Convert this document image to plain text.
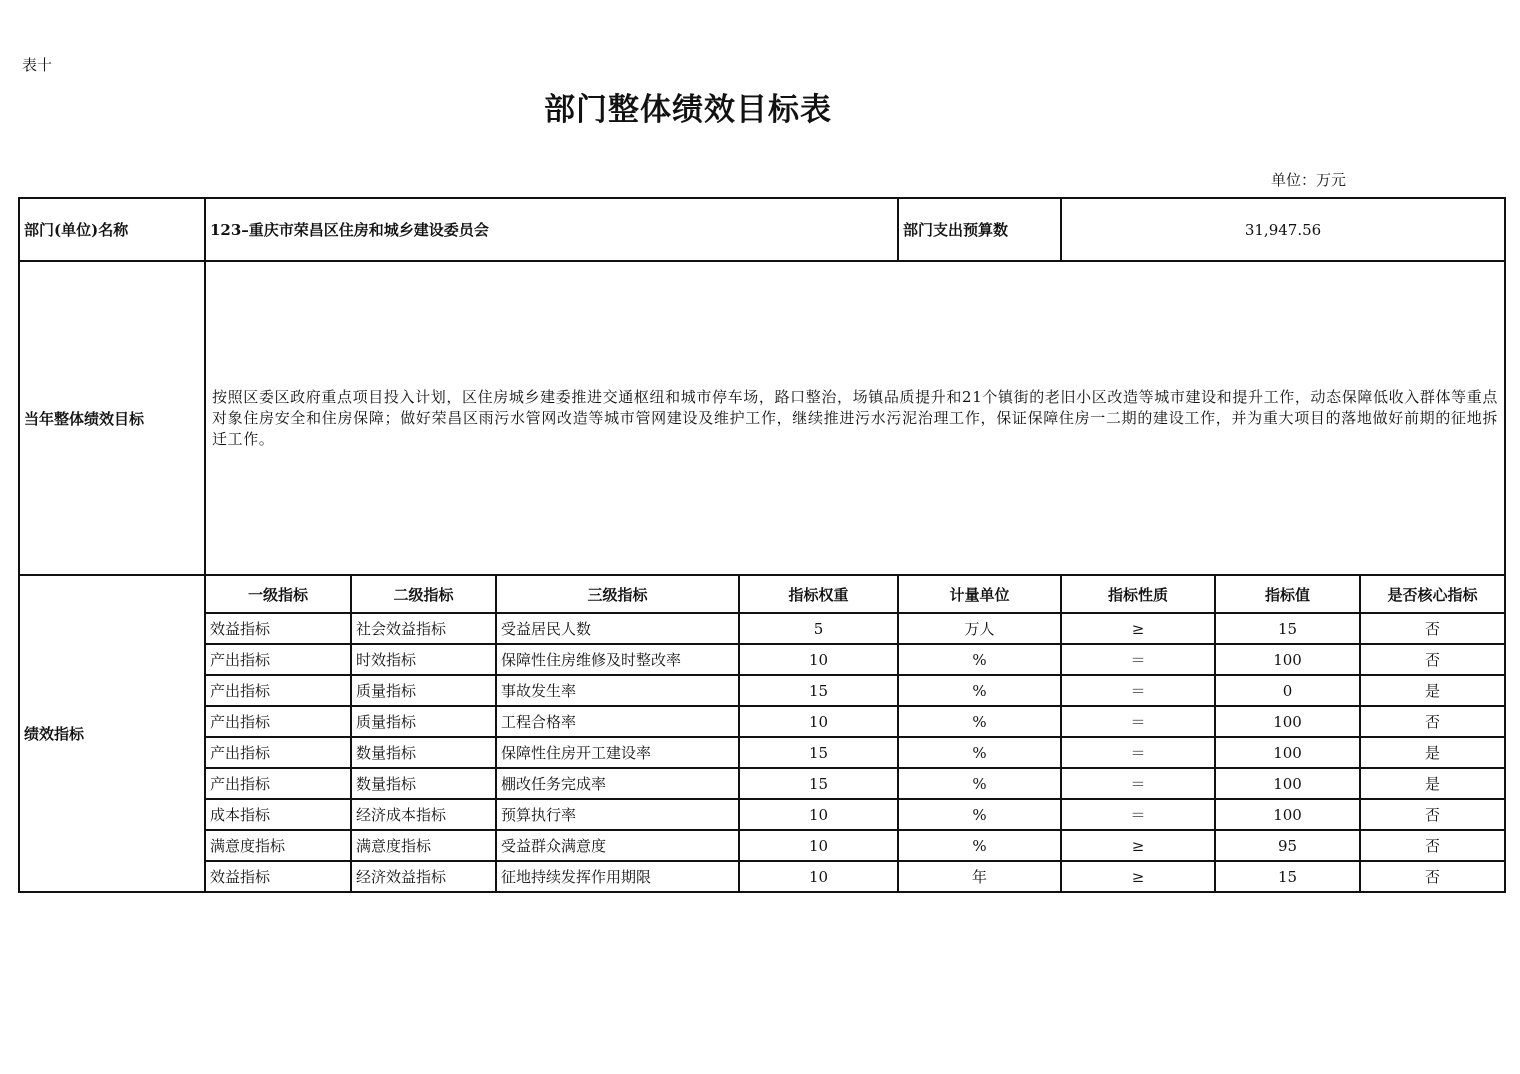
表十
部门整体绩效目标表
单位：万元
部门(单位)名称	123–重庆市荣昌区住房和城乡建设委员会				部门支出预算数	31,947.56		
当年整体绩效目标	按照区委区政府重点项目投入计划，区住房城乡建委推进交通枢纽和城市停车场，路口整治，场镇品质提升和21个镇街的老旧小区改造等城市建设和提升工作，动态保障低收入群体等重点对象住房安全和住房保障；做好荣昌区雨污水管网改造等城市管网建设及维护工作，继续推进污水污泥治理工作，保证保障住房一二期的建设工作，并为重大项目的落地做好前期的征地拆迁工作。							
绩效指标	一级指标	二级指标	三级指标	指标权重	计量单位	指标性质	指标值	是否核心指标
	效益指标	社会效益指标	受益居民人数	5	万人	≥	15	否
	产出指标	时效指标	保障性住房维修及时整改率	10	%	＝	100	否
	产出指标	质量指标	事故发生率	15	%	＝	0	是
	产出指标	质量指标	工程合格率	10	%	＝	100	否
	产出指标	数量指标	保障性住房开工建设率	15	%	＝	100	是
	产出指标	数量指标	棚改任务完成率	15	%	＝	100	是
	成本指标	经济成本指标	预算执行率	10	%	＝	100	否
	满意度指标	满意度指标	受益群众满意度	10	%	≥	95	否
	效益指标	经济效益指标	征地持续发挥作用期限	10	年	≥	15	否
